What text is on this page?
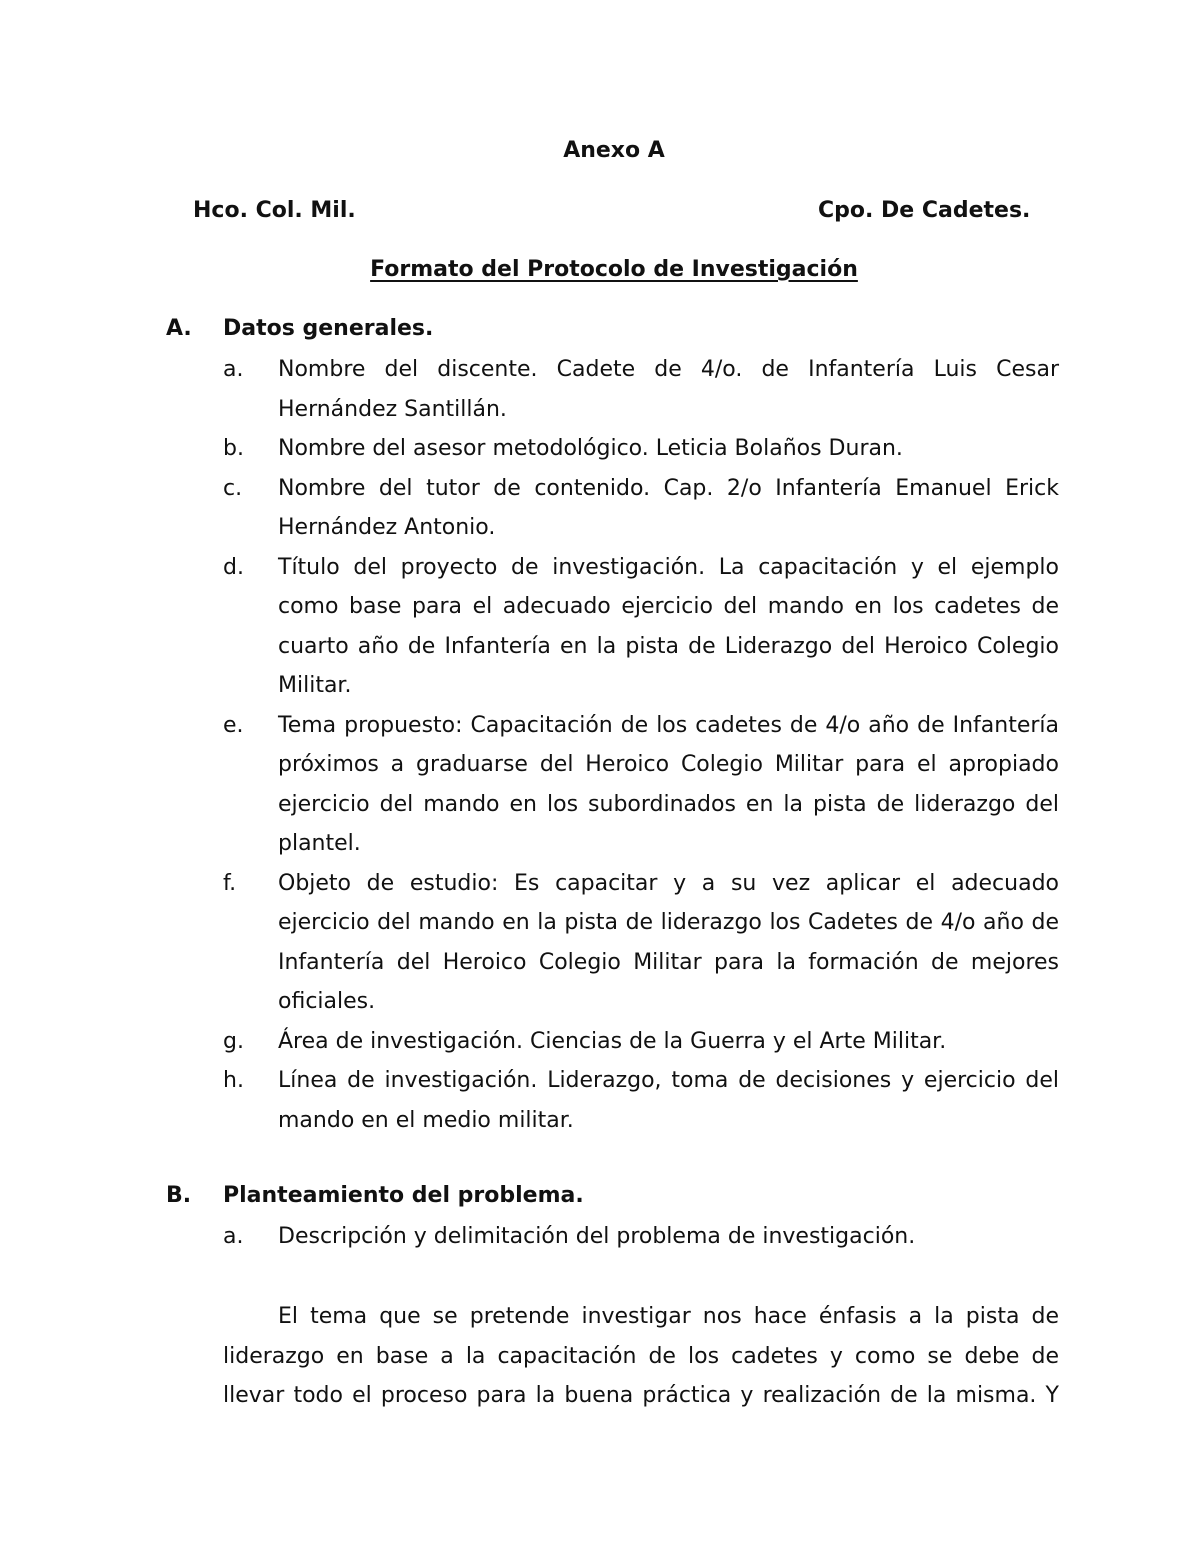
Anexo A
Hco. Col. Mil.	Cpo. De Cadetes.
Formato del Protocolo de Investigación
A. Datos generales.
a. Nombre del discente. Cadete de 4/o. de Infantería Luis Cesar Hernández Santillán.
b. Nombre del asesor metodológico. Leticia Bolaños Duran.
c. Nombre del tutor de contenido. Cap. 2/o Infantería Emanuel Erick Hernández Antonio.
d. Título del proyecto de investigación. La capacitación y el ejemplo como base para el adecuado ejercicio del mando en los cadetes de cuarto año de Infantería en la pista de Liderazgo del Heroico Colegio Militar.
e. Tema propuesto: Capacitación de los cadetes de 4/o año de Infantería próximos a graduarse del Heroico Colegio Militar para el apropiado ejercicio del mando en los subordinados en la pista de liderazgo del plantel.
f. Objeto de estudio: Es capacitar y a su vez aplicar el adecuado ejercicio del mando en la pista de liderazgo los Cadetes de 4/o año de Infantería del Heroico Colegio Militar para la formación de mejores oficiales.
g. Área de investigación. Ciencias de la Guerra y el Arte Militar.
h. Línea de investigación. Liderazgo, toma de decisiones y ejercicio del mando en el medio militar.
B. Planteamiento del problema.
a. Descripción y delimitación del problema de investigación.

El tema que se pretende investigar nos hace énfasis a la pista de liderazgo en base a la capacitación de los cadetes y como se debe de llevar todo el proceso para la buena práctica y realización de la misma. Y
